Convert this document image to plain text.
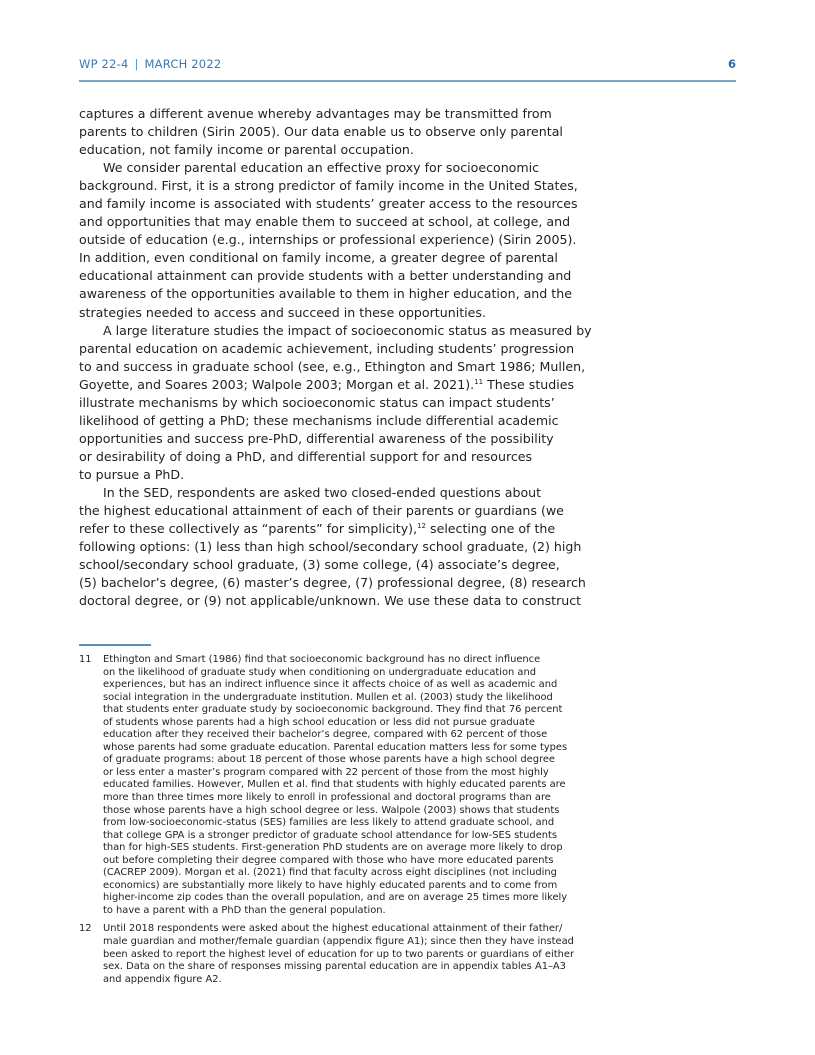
WP 22-4 | MARCH 2022	6
captures a different avenue whereby advantages may be transmitted from
parents to children (Sirin 2005). Our data enable us to observe only parental
education, not family income or parental occupation.
We consider parental education an effective proxy for socioeconomic
background. First, it is a strong predictor of family income in the United States,
and family income is associated with students’ greater access to the resources
and opportunities that may enable them to succeed at school, at college, and
outside of education (e.g., internships or professional experience) (Sirin 2005).
In addition, even conditional on family income, a greater degree of parental
educational attainment can provide students with a better understanding and
awareness of the opportunities available to them in higher education, and the
strategies needed to access and succeed in these opportunities.
A large literature studies the impact of socioeconomic status as measured by
parental education on academic achievement, including students’ progression
to and success in graduate school (see, e.g., Ethington and Smart 1986; Mullen,
Goyette, and Soares 2003; Walpole 2003; Morgan et al. 2021).$^{11}$ These studies
illustrate mechanisms by which socioeconomic status can impact students’
likelihood of getting a PhD; these mechanisms include differential academic
opportunities and success pre-PhD, differential awareness of the possibility
or desirability of doing a PhD, and differential support for and resources
to pursue a PhD.
In the SED, respondents are asked two closed-ended questions about
the highest educational attainment of each of their parents or guardians (we
refer to these collectively as “parents” for simplicity),$^{12}$ selecting one of the
following options: (1) less than high school/secondary school graduate, (2) high
school/secondary school graduate, (3) some college, (4) associate’s degree,
(5) bachelor’s degree, (6) master’s degree, (7) professional degree, (8) research
doctoral degree, or (9) not applicable/unknown. We use these data to construct
11 Ethington and Smart (1986) find that socioeconomic background has no direct influence
on the likelihood of graduate study when conditioning on undergraduate education and
experiences, but has an indirect influence since it affects choice of as well as academic and
social integration in the undergraduate institution. Mullen et al. (2003) study the likelihood
that students enter graduate study by socioeconomic background. They find that 76 percent
of students whose parents had a high school education or less did not pursue graduate
education after they received their bachelor’s degree, compared with 62 percent of those
whose parents had some graduate education. Parental education matters less for some types
of graduate programs: about 18 percent of those whose parents have a high school degree
or less enter a master’s program compared with 22 percent of those from the most highly
educated families. However, Mullen et al. find that students with highly educated parents are
more than three times more likely to enroll in professional and doctoral programs than are
those whose parents have a high school degree or less. Walpole (2003) shows that students
from low-socioeconomic-status (SES) families are less likely to attend graduate school, and
that college GPA is a stronger predictor of graduate school attendance for low-SES students
than for high-SES students. First-generation PhD students are on average more likely to drop
out before completing their degree compared with those who have more educated parents
(CACREP 2009). Morgan et al. (2021) find that faculty across eight disciplines (not including
economics) are substantially more likely to have highly educated parents and to come from
higher-income zip codes than the overall population, and are on average 25 times more likely
to have a parent with a PhD than the general population.
12 Until 2018 respondents were asked about the highest educational attainment of their father/
male guardian and mother/female guardian (appendix figure A1); since then they have instead
been asked to report the highest level of education for up to two parents or guardians of either
sex. Data on the share of responses missing parental education are in appendix tables A1–A3
and appendix figure A2.
